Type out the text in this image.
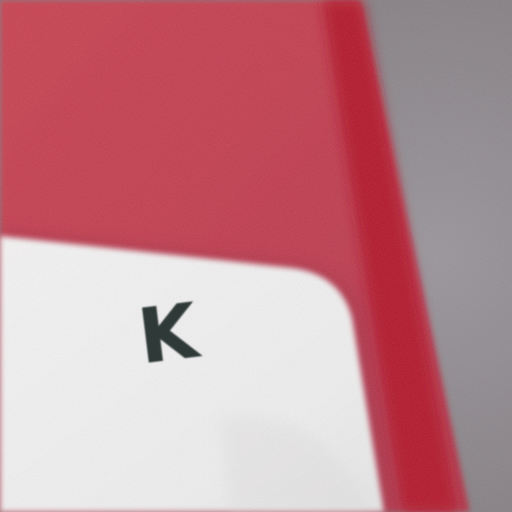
K
